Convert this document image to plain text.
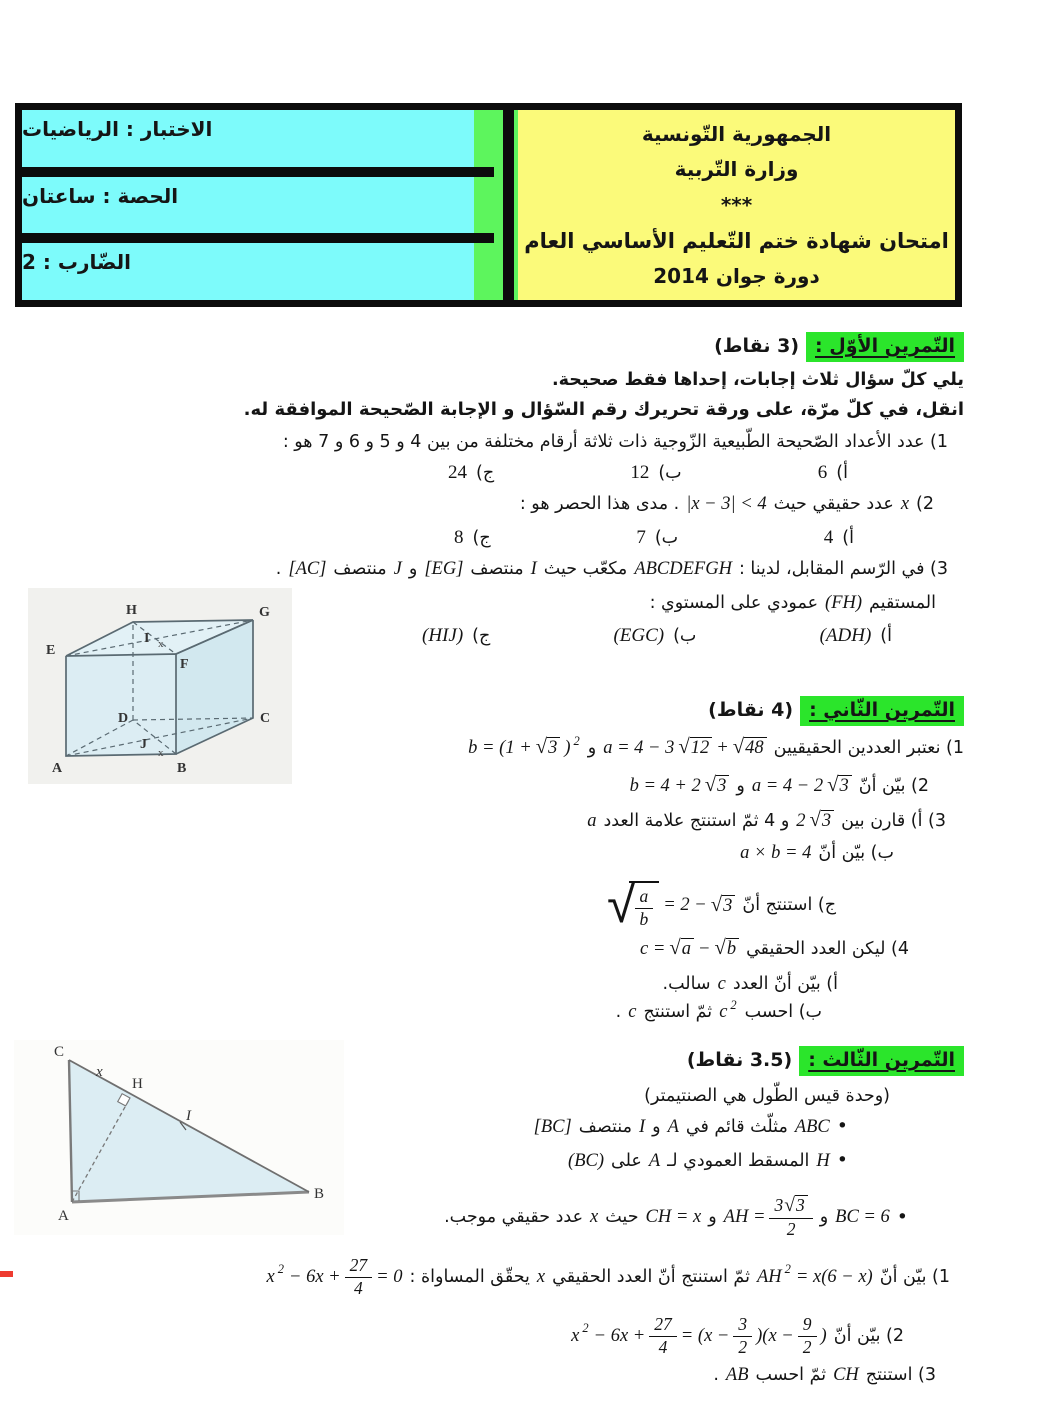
الاختبار : الرياضيات
الحصة : ساعتان
الضّارب : 2
الجمهورية التّونسية
وزارة التّربية
***
امتحان شهادة ختم التّعليم الأساسي العام
دورة جوان 2014
التّمرين الأوّل :
(3 نقاط)
يلي كلّ سؤال ثلاث إجابات، إحداها فقط صحيحة.
انقل، في كلّ مرّة، على ورقة تحريرك رقم السّؤال و الإجابة الصّحيحة الموافقة له.
1) عدد الأعداد الصّحيحة الطّبيعية الزّوجية ذات ثلاثة أرقام مختلفة من بين 4 و 5 و 6 و 7 هو :
أ)
6
ب)
12
ج)
24
2)
x
عدد حقيقي حيث
|x − 3| < 4
. مدى هذا الحصر هو :
أ)
4
ب)
7
ج)
8
3) في الرّسم المقابل، لدينا :
ABCDEFGH
مكعّب حيث
I
منتصف
[EG]
و
J
منتصف
[AC]
.
المستقيم
(FH)
عمودي على المستوي :
أ)
(ADH)
ب)
(EGC)
ج)
(HIJ)
التّمرين الثّاني :
(4 نقاط)
1) نعتبر العددين الحقيقيين
a = 4 − 3 √ 12 + √ 48
و
b = (1 + √ 3 ) 2
2) بيّن أنّ
a = 4 − 2 √ 3
و
b = 4 + 2 √ 3
3) أ) قارن بين
2 √ 3
و 4 ثمّ استنتج علامة العدد
a
ب) بيّن أنّ
a × b = 4
ج) استنتج أنّ
√ $\frac{a}{b} = 2$ − √ 3
4) ليكن العدد الحقيقي
c = √ a − √ b
أ) بيّن أنّ العدد
c
سالب.
ب) احسب
c 2
ثمّ استنتج
c
.
التّمرين الثّالث :
(3.5 نقاط)
(وحدة قيس الطّول هي الصنتيمتر)
•
ABC
مثلّث قائم في
A
و
I
منتصف
[BC]
•
H
المسقط العمودي لـ
A
على
(BC)
•
BC = 6
و
AH = $\frac{3 √ 3}{2}$
و
CH = x
حيث
x
عدد حقيقي موجب.
1) بيّن أنّ
AH 2 = x(6 − x)
ثمّ استنتج أنّ العدد الحقيقي
x
يحقّق المساواة :
x $2 - 6x + \frac{27}{4} = 0$
2) بيّن أنّ
x $2 - 6x + \frac{27}{4} = (x - \frac{3}{2} )(x - \frac{9}{2}$ )
3) استنتج
CH
ثمّ احسب
AB
.
H	G
E
F
D	C
A	B
I
J
x
x
C
A
B
H
I
x
